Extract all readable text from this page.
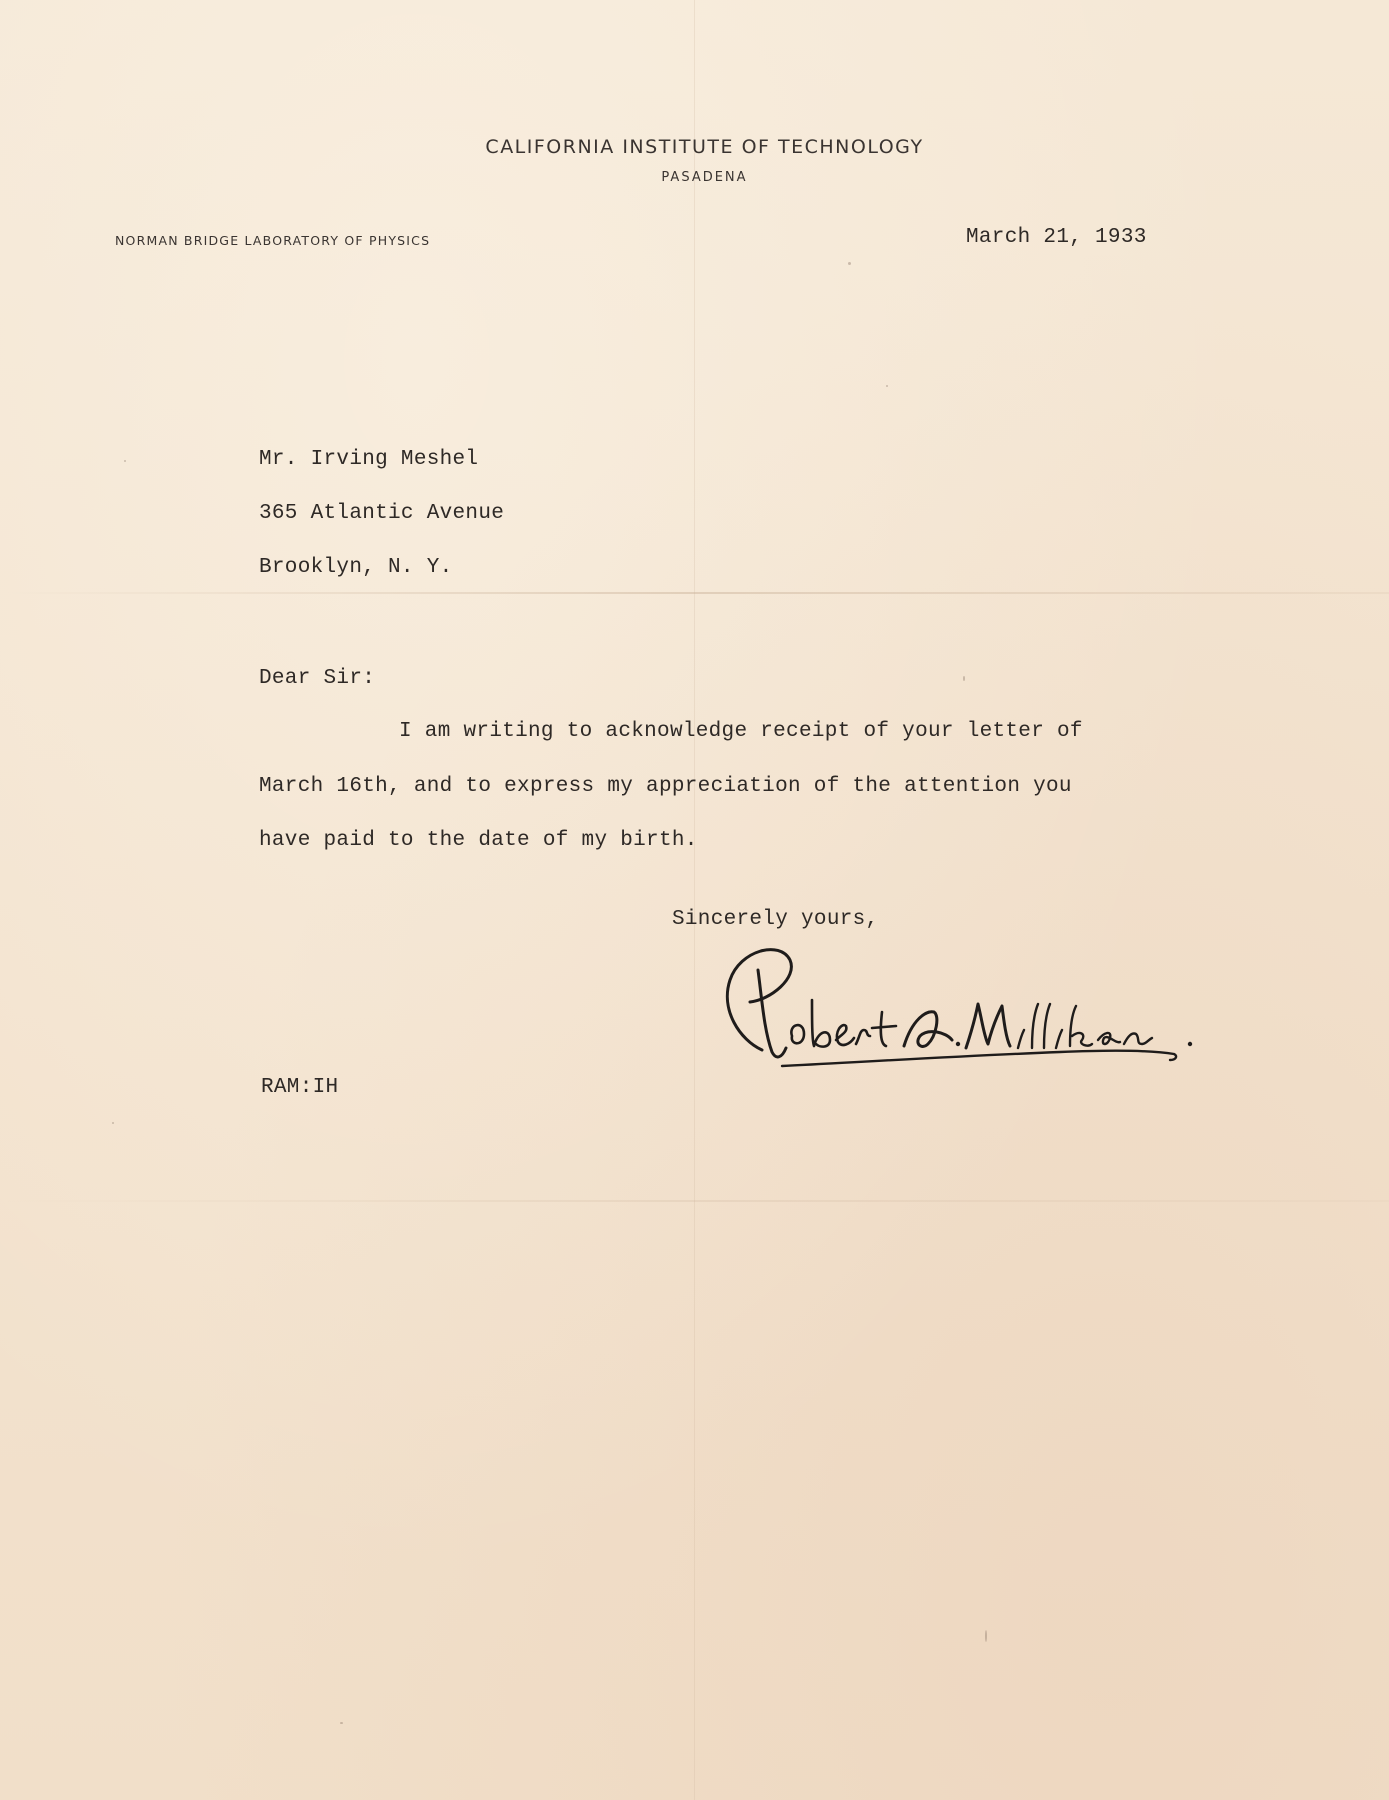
CALIFORNIA INSTITUTE OF TECHNOLOGY
PASADENA
NORMAN BRIDGE LABORATORY OF PHYSICS	March 21, 1933
Mr. Irving Meshel
365 Atlantic Avenue
Brooklyn, N. Y.
Dear Sir:
I am writing to acknowledge receipt of your letter of
March 16th, and to express my appreciation of the attention you
have paid to the date of my birth.
Sincerely yours,
RAM:IH
